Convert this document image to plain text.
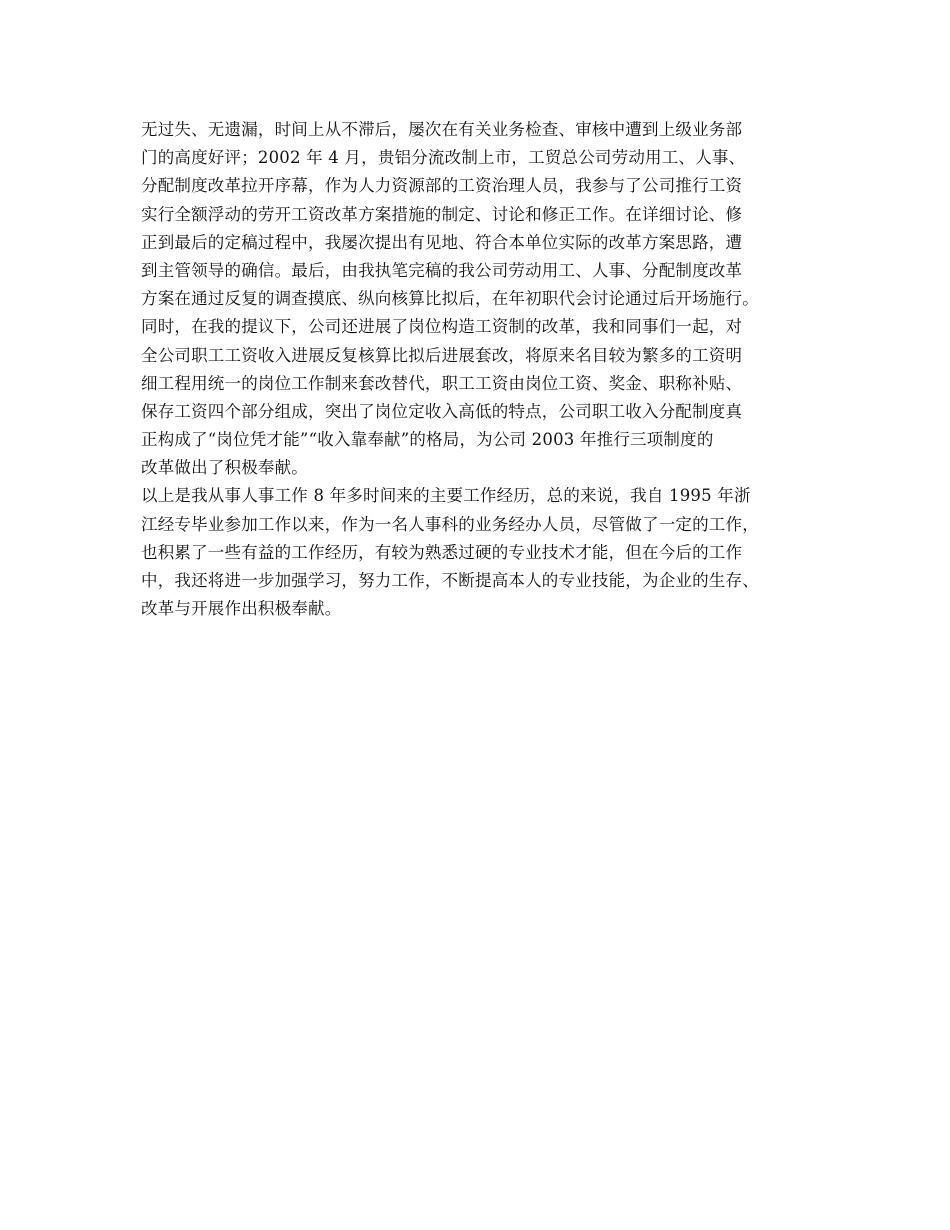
无过失、无遗漏，时间上从不滞后，屡次在有关业务检查、审核中遭到上级业务部
门的高度好评；2002 年 4 月，贵铝分流改制上市，工贸总公司劳动用工、人事、
分配制度改革拉开序幕，作为人力资源部的工资治理人员，我参与了公司推行工资
实行全额浮动的劳开工资改革方案措施的制定、讨论和修正工作。在详细讨论、修
正到最后的定稿过程中，我屡次提出有见地、符合本单位实际的改革方案思路，遭
到主管领导的确信。最后，由我执笔完稿的我公司劳动用工、人事、分配制度改革
方案在通过反复的调查摸底、纵向核算比拟后，在年初职代会讨论通过后开场施行。
同时，在我的提议下，公司还进展了岗位构造工资制的改革，我和同事们一起，对
全公司职工工资收入进展反复核算比拟后进展套改，将原来名目较为繁多的工资明
细工程用统一的岗位工作制来套改替代，职工工资由岗位工资、奖金、职称补贴、
保存工资四个部分组成，突出了岗位定收入高低的特点，公司职工收入分配制度真
正构成了“岗位凭才能”“收入靠奉献”的格局，为公司 2003 年推行三项制度的
改革做出了积极奉献。
以上是我从事人事工作 8 年多时间来的主要工作经历，总的来说，我自 1995 年浙
江经专毕业参加工作以来，作为一名人事科的业务经办人员，尽管做了一定的工作，
也积累了一些有益的工作经历，有较为熟悉过硬的专业技术才能，但在今后的工作
中，我还将进一步加强学习，努力工作，不断提高本人的专业技能，为企业的生存、
改革与开展作出积极奉献。
